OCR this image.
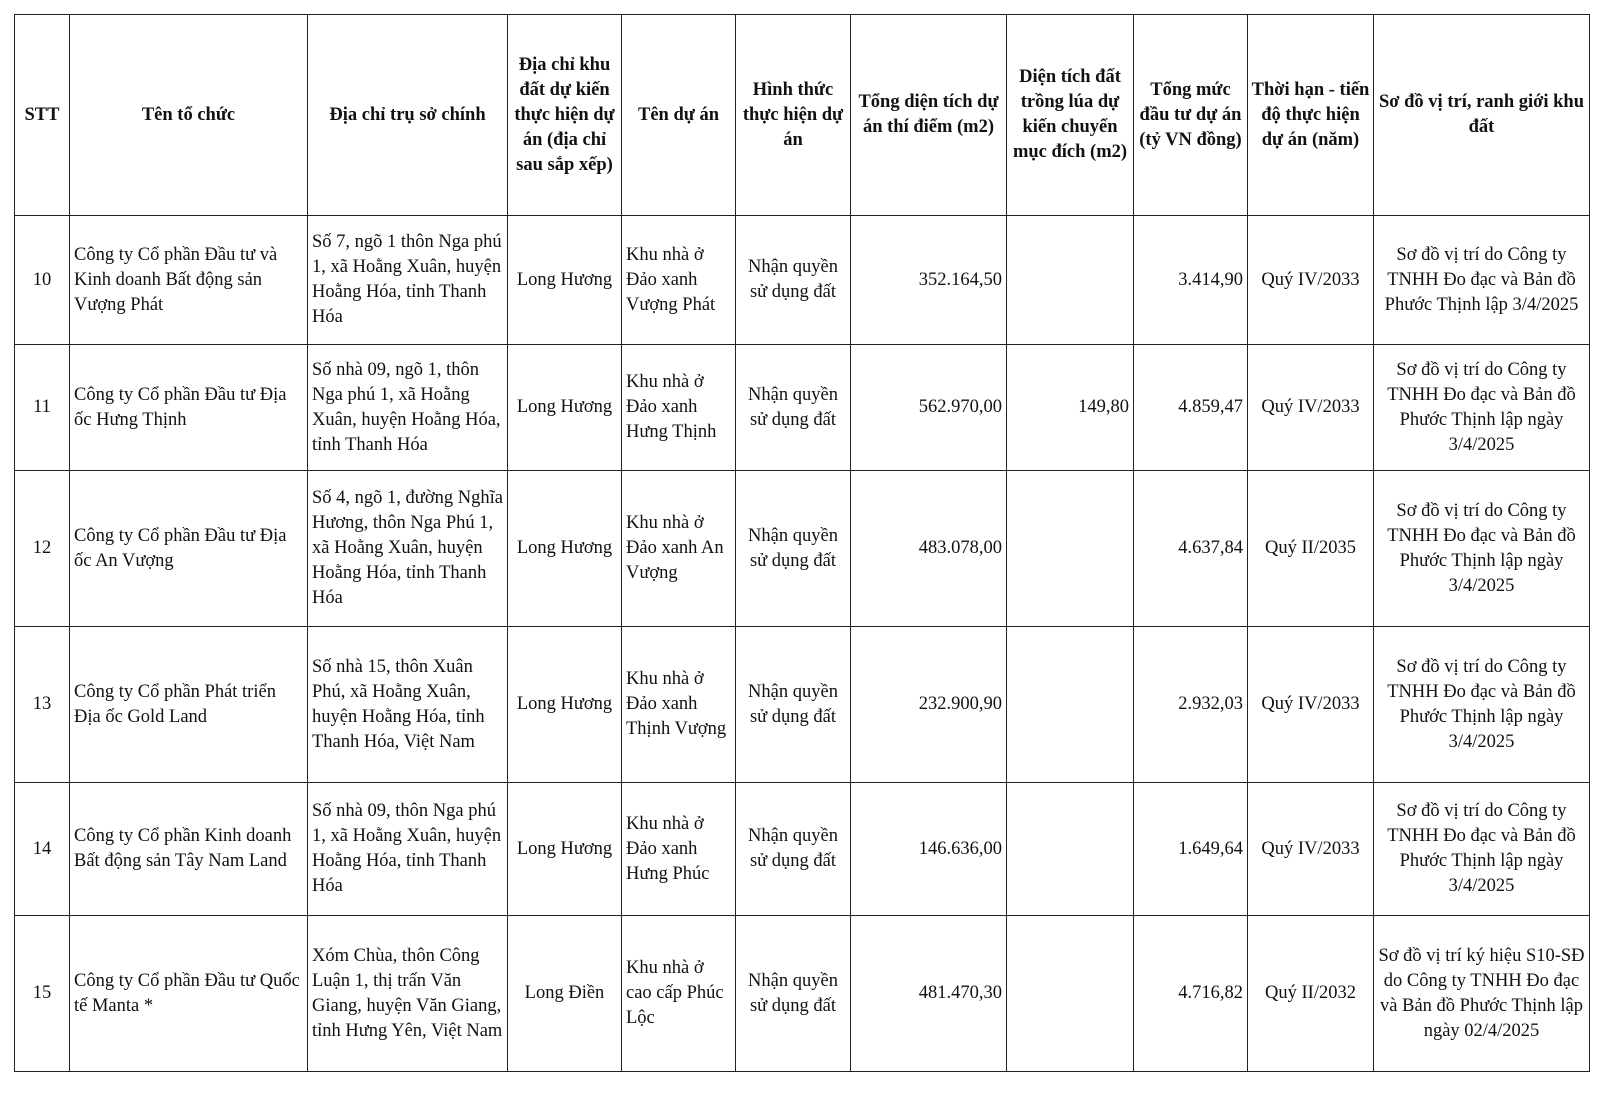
STT	Tên tổ chức	Địa chỉ trụ sở chính	Địa chỉ khu đất dự kiến thực hiện dự án (địa chỉ sau sắp xếp)	Tên dự án	Hình thức thực hiện dự án	Tổng diện tích dự án thí điểm (m2)	Diện tích đất trồng lúa dự kiến chuyển mục đích (m2)	Tổng mức đầu tư dự án (tỷ VN đồng)	Thời hạn - tiến độ thực hiện dự án (năm)	Sơ đồ vị trí, ranh giới khu đất
10	Công ty Cổ phần Đầu tư và Kinh doanh Bất động sản Vượng Phát	Số 7, ngõ 1 thôn Nga phú 1, xã Hoằng Xuân, huyện Hoằng Hóa, tỉnh Thanh Hóa	Long Hương	Khu nhà ở Đảo xanh Vượng Phát	Nhận quyền sử dụng đất	352.164,50		3.414,90	Quý IV/2033	Sơ đồ vị trí do Công ty TNHH Đo đạc và Bản đồ Phước Thịnh lập 3/4/2025
11	Công ty Cổ phần Đầu tư Địa ốc Hưng Thịnh	Số nhà 09, ngõ 1, thôn Nga phú 1, xã Hoằng Xuân, huyện Hoằng Hóa, tỉnh Thanh Hóa	Long Hương	Khu nhà ở Đảo xanh Hưng Thịnh	Nhận quyền sử dụng đất	562.970,00	149,80	4.859,47	Quý IV/2033	Sơ đồ vị trí do Công ty TNHH Đo đạc và Bản đồ Phước Thịnh lập ngày 3/4/2025
12	Công ty Cổ phần Đầu tư Địa ốc An Vượng	Số 4, ngõ 1, đường Nghĩa Hương, thôn Nga Phú 1, xã Hoằng Xuân, huyện Hoằng Hóa, tỉnh Thanh Hóa	Long Hương	Khu nhà ở Đảo xanh An Vượng	Nhận quyền sử dụng đất	483.078,00		4.637,84	Quý II/2035	Sơ đồ vị trí do Công ty TNHH Đo đạc và Bản đồ Phước Thịnh lập ngày 3/4/2025
13	Công ty Cổ phần Phát triển Địa ốc Gold Land	Số nhà 15, thôn Xuân Phú, xã Hoằng Xuân, huyện Hoằng Hóa, tỉnh Thanh Hóa, Việt Nam	Long Hương	Khu nhà ở Đảo xanh Thịnh Vượng	Nhận quyền sử dụng đất	232.900,90		2.932,03	Quý IV/2033	Sơ đồ vị trí do Công ty TNHH Đo đạc và Bản đồ Phước Thịnh lập ngày 3/4/2025
14	Công ty Cổ phần Kinh doanh Bất động sản Tây Nam Land	Số nhà 09, thôn Nga phú 1, xã Hoằng Xuân, huyện Hoằng Hóa, tỉnh Thanh Hóa	Long Hương	Khu nhà ở Đảo xanh Hưng Phúc	Nhận quyền sử dụng đất	146.636,00		1.649,64	Quý IV/2033	Sơ đồ vị trí do Công ty TNHH Đo đạc và Bản đồ Phước Thịnh lập ngày 3/4/2025
15	Công ty Cổ phần Đầu tư Quốc tế Manta *	Xóm Chùa, thôn Công Luận 1, thị trấn Văn Giang, huyện Văn Giang, tỉnh Hưng Yên, Việt Nam	Long Điền	Khu nhà ở cao cấp Phúc Lộc	Nhận quyền sử dụng đất	481.470,30		4.716,82	Quý II/2032	Sơ đồ vị trí ký hiệu S10-SĐ do Công ty TNHH Đo đạc và Bản đồ Phước Thịnh lập ngày 02/4/2025
